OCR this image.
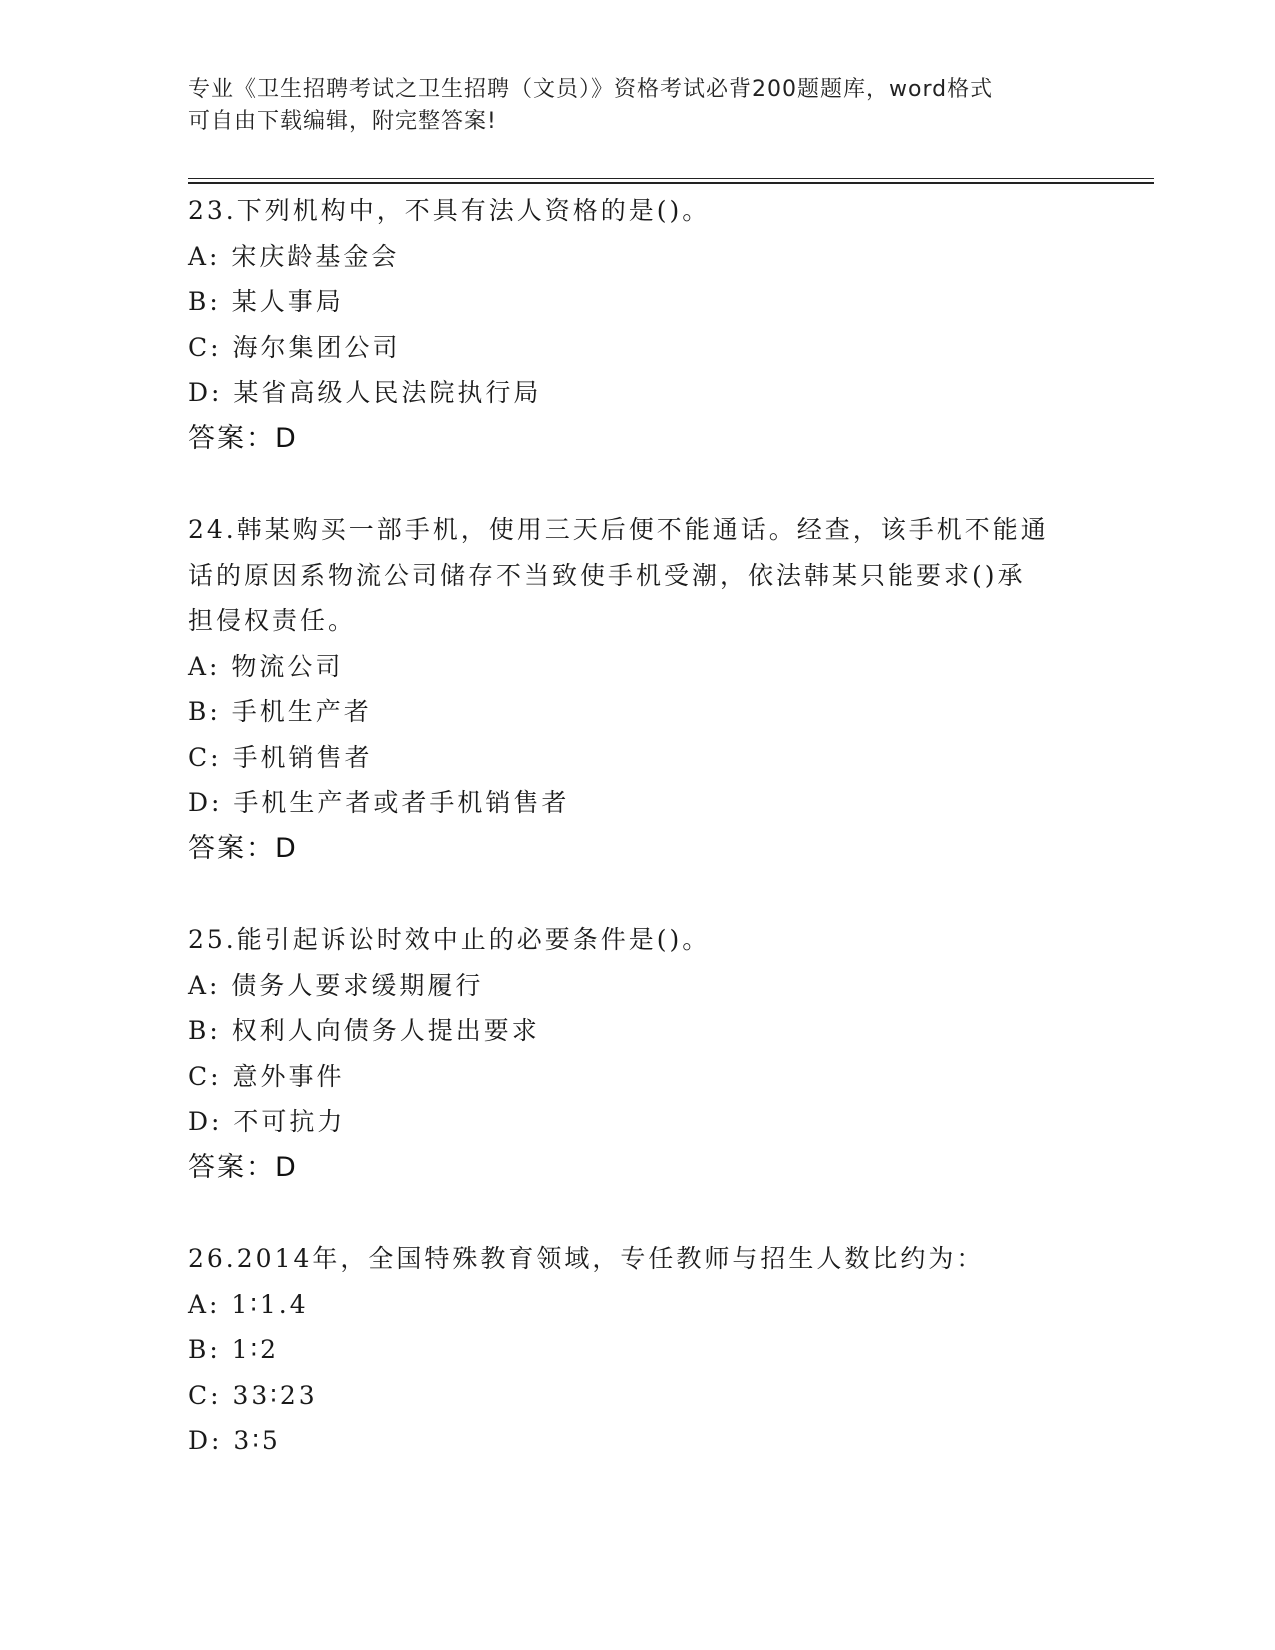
专业《卫生招聘考试之卫生招聘（文员）》资格考试必背200题题库，word格式
可自由下载编辑，附完整答案!
23.下列机构中，不具有法人资格的是()。
A: 宋庆龄基金会
B: 某人事局
C: 海尔集团公司
D: 某省高级人民法院执行局
答案：D
24.韩某购买一部手机，使用三天后便不能通话。经查，该手机不能通
话的原因系物流公司储存不当致使手机受潮，依法韩某只能要求()承
担侵权责任。
A: 物流公司
B: 手机生产者
C: 手机销售者
D: 手机生产者或者手机销售者
答案：D
25.能引起诉讼时效中止的必要条件是()。
A: 债务人要求缓期履行
B: 权利人向债务人提出要求
C: 意外事件
D: 不可抗力
答案：D
26.2014年，全国特殊教育领域，专任教师与招生人数比约为：
A: 1∶1.4
B: 1∶2
C: 33∶23
D: 3∶5
